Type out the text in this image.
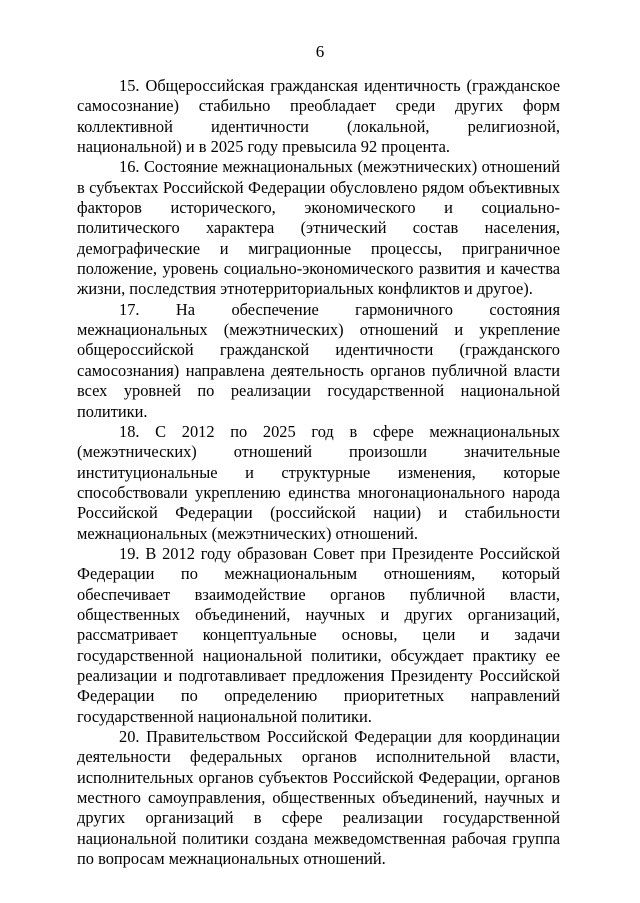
6

15. Общероссийская гражданская идентичность (гражданское самосознание) стабильно преобладает среди других форм коллективной идентичности (локальной, религиозной, национальной) и в 2025 году превысила 92 процента.

16. Состояние межнациональных (межэтнических) отношений в субъектах Российской Федерации обусловлено рядом объективных факторов исторического, экономического и социально-политического характера (этнический состав населения, демографические и миграционные процессы, приграничное положение, уровень социально-экономического развития и качества жизни, последствия этнотерриториальных конфликтов и другое).

17. На обеспечение гармоничного состояния межнациональных (межэтнических) отношений и укрепление общероссийской гражданской идентичности (гражданского самосознания) направлена деятельность органов публичной власти всех уровней по реализации государственной национальной политики.

18. С 2012 по 2025 год в сфере межнациональных (межэтнических) отношений произошли значительные институциональные и структурные изменения, которые способствовали укреплению единства многонационального народа Российской Федерации (российской нации) и стабильности межнациональных (межэтнических) отношений.

19. В 2012 году образован Совет при Президенте Российской Федерации по межнациональным отношениям, который обеспечивает взаимодействие органов публичной власти, общественных объединений, научных и других организаций, рассматривает концептуальные основы, цели и задачи государственной национальной политики, обсуждает практику ее реализации и подготавливает предложения Президенту Российской Федерации по определению приоритетных направлений государственной национальной политики.

20. Правительством Российской Федерации для координации деятельности федеральных органов исполнительной власти, исполнительных органов субъектов Российской Федерации, органов местного самоуправления, общественных объединений, научных и других организаций в сфере реализации государственной национальной политики создана межведомственная рабочая группа по вопросам межнациональных отношений.
